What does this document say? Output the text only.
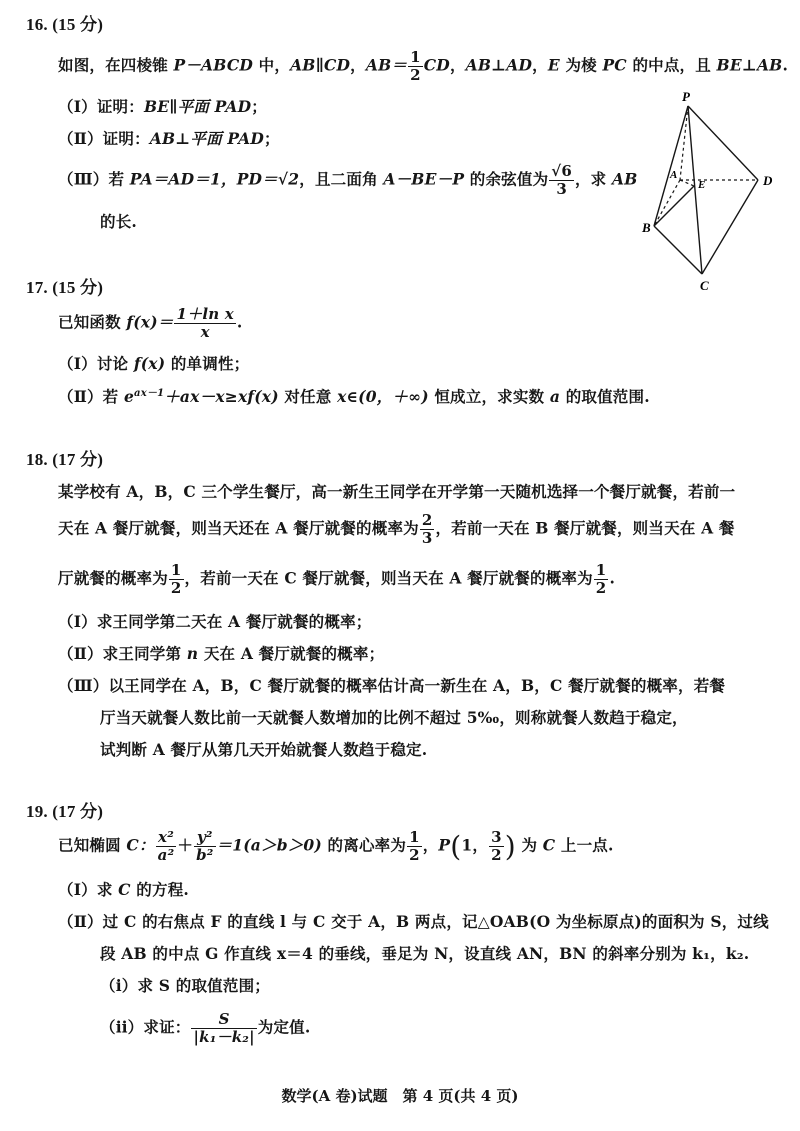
16. (15 分)
如图，在四棱锥 P－ABCD 中，AB∥CD，$AB= \frac{1}{2}$ CD，AB⊥AD，E 为棱 PC 的中点，且 BE⊥AB.
（Ⅰ）证明：BE∥平面 PAD；
（Ⅱ）证明：AB⊥平面 PAD；
（Ⅲ）若 PA＝AD＝1，PD＝√2，且二面角 A－BE－P 的余弦值为 $\frac{√6}{3}$ ，求 AB
的长.
P
A
E	D
B
C
17. (15 分)
已知函数 $f(x)= \frac{\text{1＋ln x}}{x}$ .
（Ⅰ）讨论 f(x) 的单调性；
（Ⅱ）若 $e^{ax-1}+ax-x\ge xf(x)$ 对任意 x∈(0，＋∞) 恒成立，求实数 a 的取值范围.
18. (17 分)
某学校有 A，B，C 三个学生餐厅，高一新生王同学在开学第一天随机选择一个餐厅就餐，若前一
天在 A 餐厅就餐，则当天还在 A 餐厅就餐的概率为 $\frac{2}{3}$ ，若前一天在 B 餐厅就餐，则当天在 A 餐
厅就餐的概率为 $\frac{1}{2}$ ，若前一天在 C 餐厅就餐，则当天在 A 餐厅就餐的概率为 $\frac{1}{2}$ .
（Ⅰ）求王同学第二天在 A 餐厅就餐的概率；
（Ⅱ）求王同学第 n 天在 A 餐厅就餐的概率；
（Ⅲ）以王同学在 A，B，C 餐厅就餐的概率估计高一新生在 A，B，C 餐厅就餐的概率，若餐
厅当天就餐人数比前一天就餐人数增加的比例不超过 5‰，则称就餐人数趋于稳定，
试判断 A 餐厅从第几天开始就餐人数趋于稳定.
19. (17 分)
已知椭圆 C： $\frac{\text{x²}}{\text{a²}} + \frac{\text{y²}}{\text{b²}} =1(a>b>0)$ 的离心率为 $\frac{1}{2}$ ，P(1， $\frac{3}{2}$ ) 为 C 上一点.
（Ⅰ）求 C 的方程.
（Ⅱ）过 C 的右焦点 F 的直线 l 与 C 交于 A，B 两点，记△OAB(O 为坐标原点)的面积为 S，过线
段 AB 的中点 G 作直线 x＝4 的垂线，垂足为 N，设直线 AN，BN 的斜率分别为 k₁，k₂.
（ⅰ）求 S 的取值范围；
（ⅱ）求证： $\frac{S}{\text{|k₁－k₂|}}$ 为定值.
数学(A 卷)试题　第 4 页(共 4 页)
